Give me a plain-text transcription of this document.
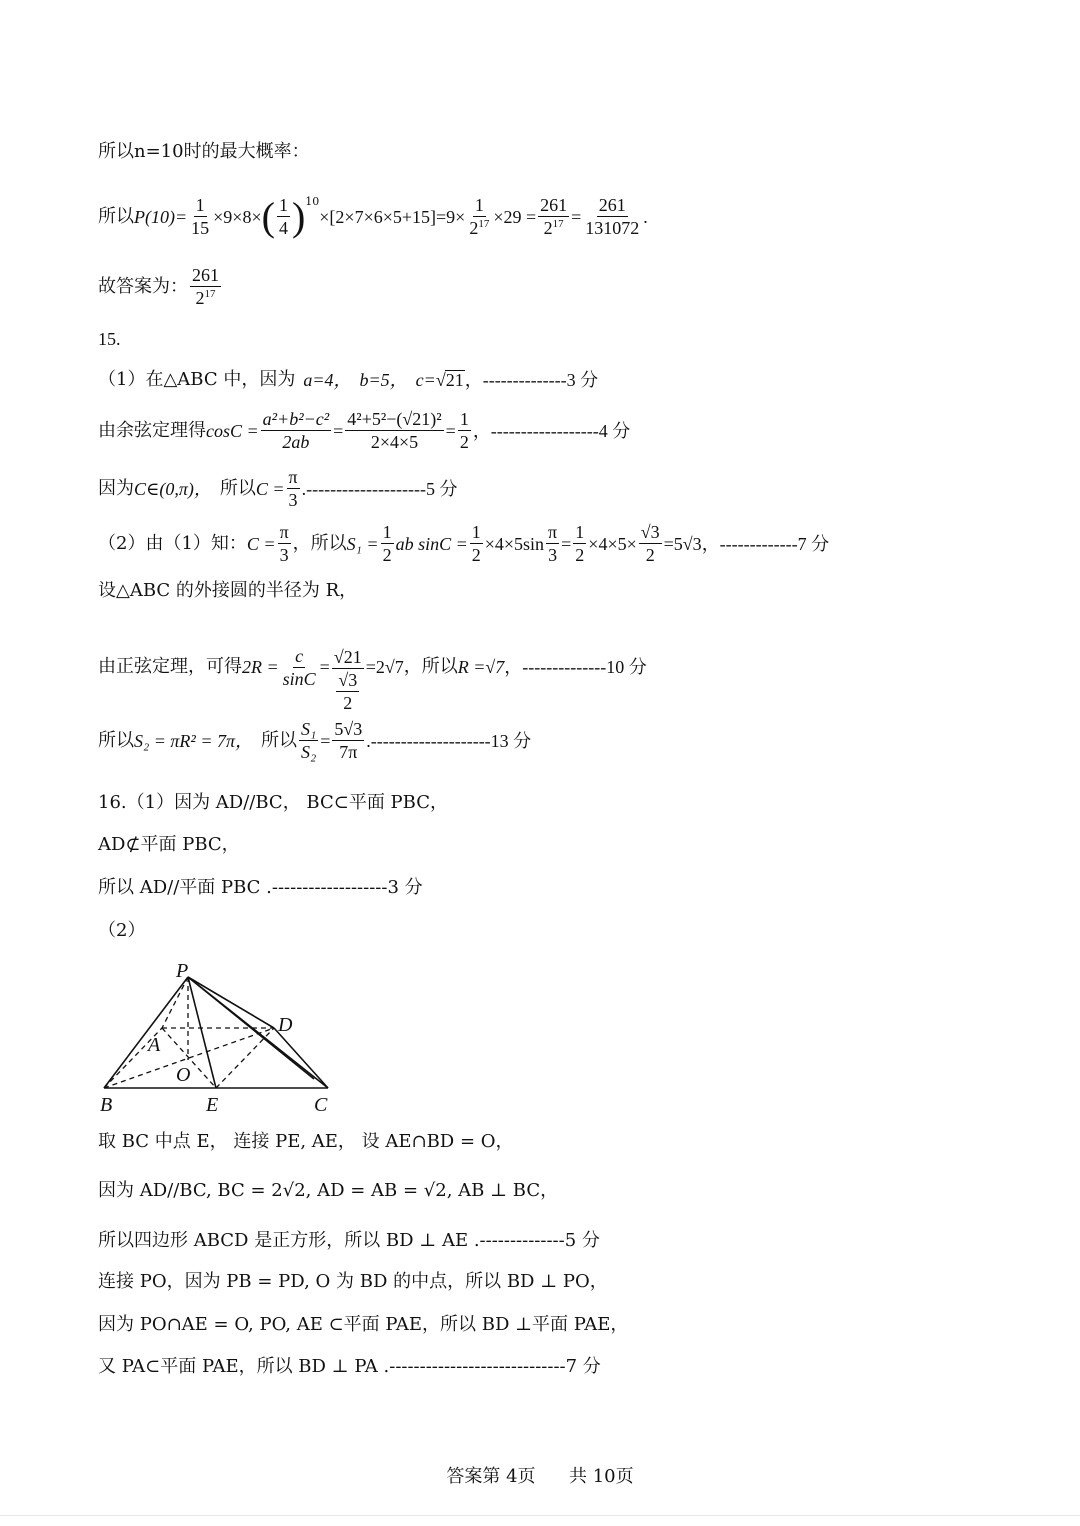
所以n=10时的最大概率：
所以 $P(10)= \frac{1}{15} \times 9\times 8\times$ ( $\frac{1}{4}$ ) 10
$\times[2\times 7\times 6\times 5+15]=9\times \frac{1}{2^{17}} \times 29 = \frac{261}{2^{17}} = \frac{261}{131072}$ .
故答案为： $\frac{261}{2^{17}}$
15.
（1）在△ABC 中，因为 a=4， b=5， c= √ 21 ，--------------3 分
由余弦定理得 $\cos C = \frac{\text{a²+b²−c²}}{2ab} = \frac{\text{4²+5²−(√21)²}}{2\times 4\times 5} = \frac{1}{2}$ ，------------------4 分
因为 C∈(0,π)， 所以 $C = \frac{\pi}{3} .--------------------5$ 分
（2）由（1）知： $C = \frac{\pi}{3}$ ，所以 $S_1 = \frac{1}{2}$ ab $\sin C = \frac{1}{2} \times 4\times 5\sin \frac{\pi}{3} = \frac{1}{2} \times 4\times 5\times \frac{√3}{2} =5√3$ ，-------------7 分
设△ABC 的外接圆的半径为 R，
由正弦定理，可得 $2R = \frac{c}{\sin C} = \frac{√21}{\frac{√3}{2}} =2√7$ ，所以 R =√7 ，--------------10 分
所以 S₂ = πR² = 7π， 所以 $\frac{\text{S₁}}{\text{S₂}} = \frac{5√3}{7\pi} .--------------------13$ 分
16.（1）因为 AD//BC， BC⊂平面 PBC，
AD⊄平面 PBC，
所以 AD//平面 PBC .-------------------3 分
（2）
P
A
D
O
B	E	C
取 BC 中点 E， 连接 PE, AE， 设 AE∩BD = O，
因为 AD//BC, BC = 2√2, AD = AB = √2, AB ⊥ BC，
所以四边形 ABCD 是正方形，所以 BD ⊥ AE .--------------5 分
连接 PO，因为 PB = PD, O 为 BD 的中点，所以 BD ⊥ PO，
因为 PO∩AE = O, PO, AE ⊂平面 PAE，所以 BD ⊥平面 PAE，
又 PA⊂平面 PAE，所以 BD ⊥ PA .-----------------------------7 分
答案第 4页 共 10页
